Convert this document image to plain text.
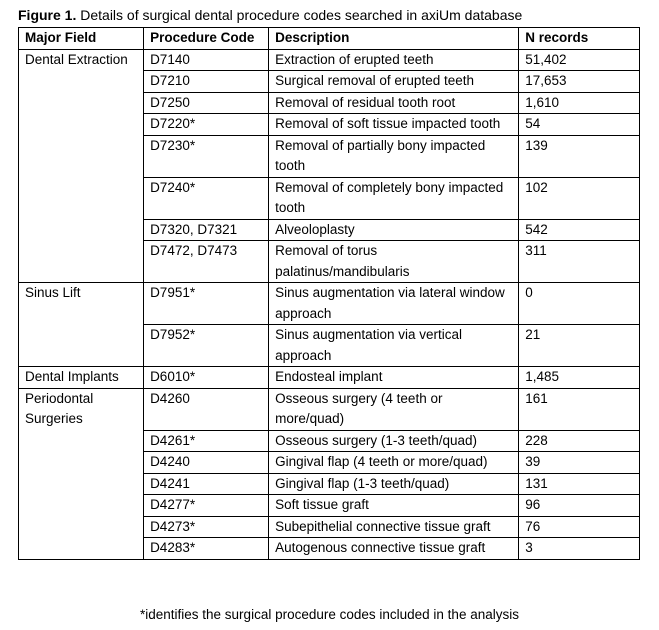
Figure 1. Details of surgical dental procedure codes searched in axiUm database
Major Field	Procedure Code	Description	N records
Dental Extraction	D7140	Extraction of erupted teeth	51,402
	D7210	Surgical removal of erupted teeth	17,653
	D7250	Removal of residual tooth root	1,610
	D7220*	Removal of soft tissue impacted tooth	54
	D7230*	Removal of partially bony impacted tooth	139
	D7240*	Removal of completely bony impacted tooth	102
	D7320, D7321	Alveoloplasty	542
	D7472, D7473	Removal of torus palatinus/mandibularis	311
Sinus Lift	D7951*	Sinus augmentation via lateral window approach	0
	D7952*	Sinus augmentation via vertical approach	21
Dental Implants	D6010*	Endosteal implant	1,485
Periodontal Surgeries	D4260	Osseous surgery (4 teeth or more/quad)	161
	D4261*	Osseous surgery (1-3 teeth/quad)	228
	D4240	Gingival flap (4 teeth or more/quad)	39
	D4241	Gingival flap (1-3 teeth/quad)	131
	D4277*	Soft tissue graft	96
	D4273*	Subepithelial connective tissue graft	76
	D4283*	Autogenous connective tissue graft	3
*identifies the surgical procedure codes included in the analysis
